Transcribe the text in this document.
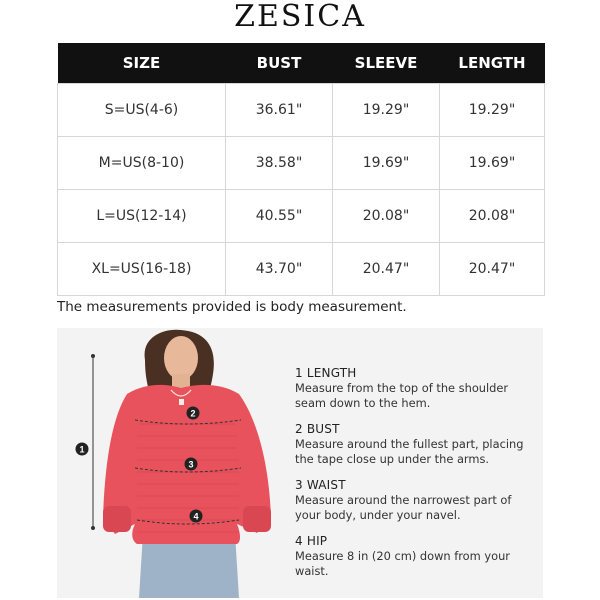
ZESICA
SIZE	BUST	SLEEVE	LENGTH
S=US(4-6)	36.61"	19.29"	19.29"
M=US(8-10)	38.58"	19.69"	19.69"
L=US(12-14)	40.55"	20.08"	20.08"
XL=US(16-18)	43.70"	20.47"	20.47"
The measurements provided is body measurement.
1
2
3
4
1 LENGTH
Measure from the top of the shoulder
seam down to the hem.
2 BUST
Measure around the fullest part, placing
the tape close up under the arms.
3 WAIST
Measure around the narrowest part of
your body, under your navel.
4 HIP
Measure 8 in (20 cm) down from your waist.
